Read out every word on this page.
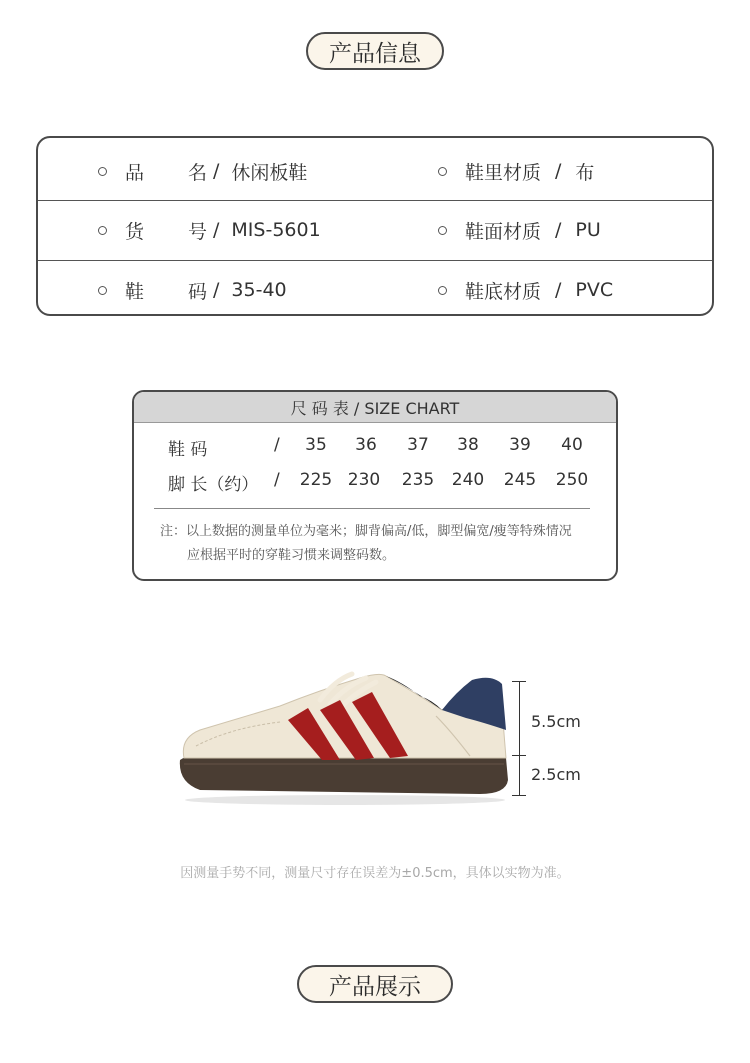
产品信息
品 名 / 休闲板鞋	鞋里材质 / 布
货 号 / MIS-5601	鞋面材质 / PU
鞋 码 / 35-40	鞋底材质 / PVC
尺 码 表 / SIZE CHART
鞋 码	/	35	36	37	38	39	40
脚 长（约） / 225 230 235 240 245 250
注：以上数据的测量单位为毫米；脚背偏高/低，脚型偏宽/瘦等特殊情况
应根据平时的穿鞋习惯来调整码数。
5.5cm
2.5cm
因测量手势不同，测量尺寸存在误差为±0.5cm，具体以实物为准。
产品展示
